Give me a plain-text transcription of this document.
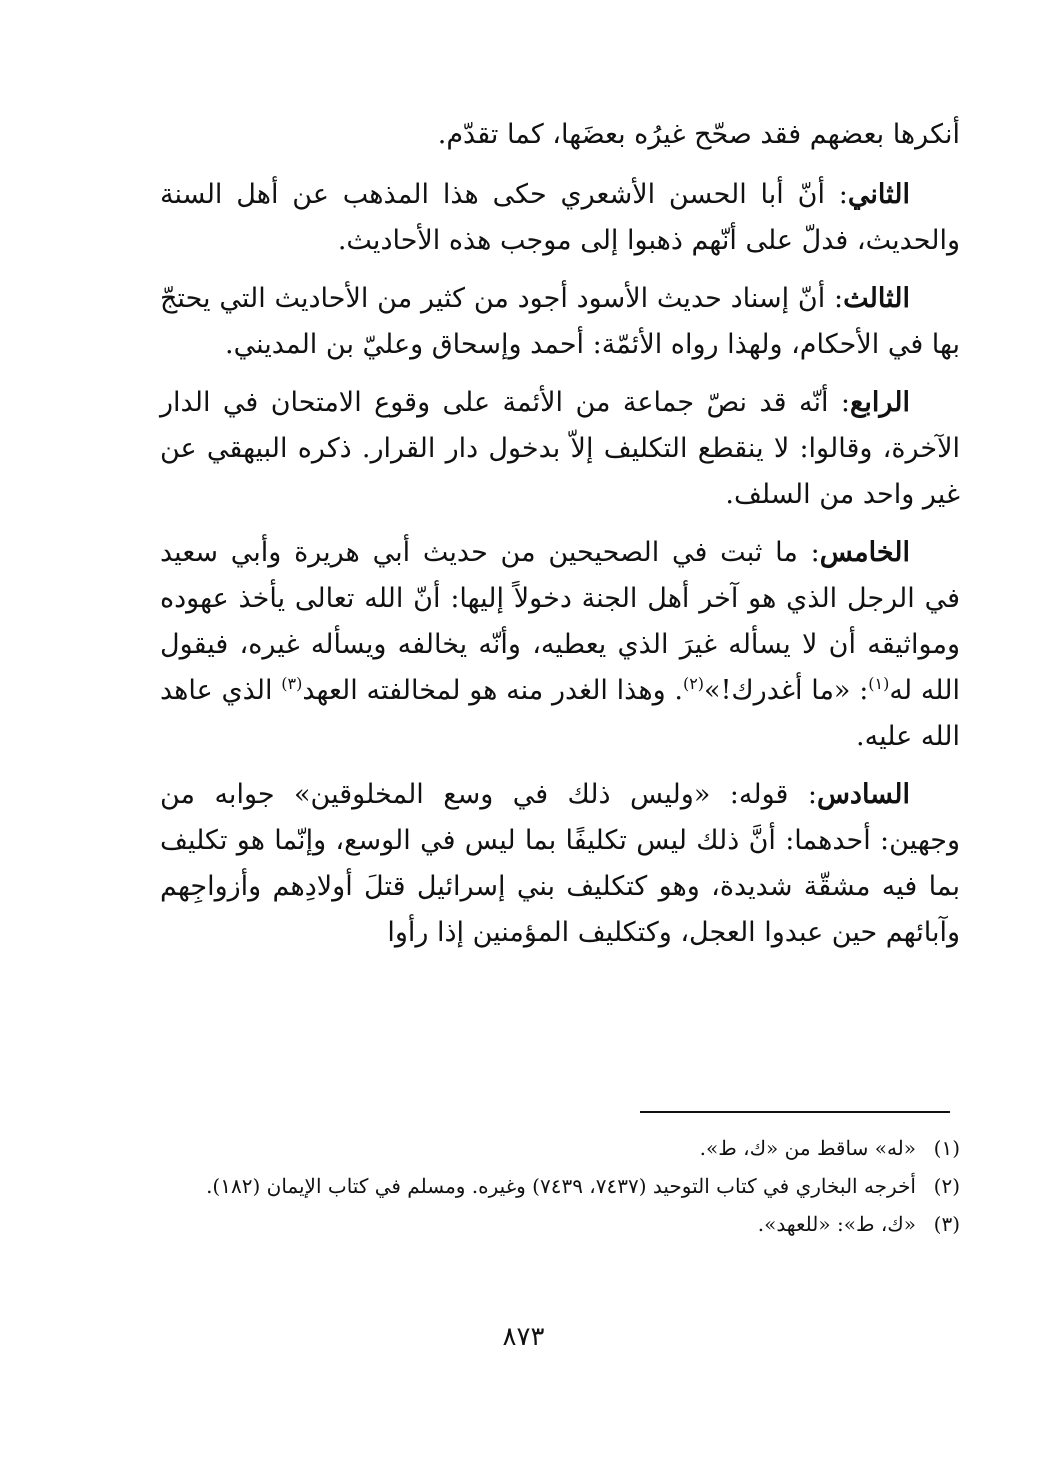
أنكرها بعضهم فقد صحّح غيرُه بعضَها، كما تقدّم.

الثاني: أنّ أبا الحسن الأشعري حكى هذا المذهب عن أهل السنة والحديث، فدلّ على أنّهم ذهبوا إلى موجب هذه الأحاديث.

الثالث: أنّ إسناد حديث الأسود أجود من كثير من الأحاديث التي يحتجّ بها في الأحكام، ولهذا رواه الأئمّة: أحمد وإسحاق وعليّ بن المديني.

الرابع: أنّه قد نصّ جماعة من الأئمة على وقوع الامتحان في الدار الآخرة، وقالوا: لا ينقطع التكليف إلاّ بدخول دار القرار. ذكره البيهقي عن غير واحد من السلف.

الخامس: ما ثبت في الصحيحين من حديث أبي هريرة وأبي سعيد في الرجل الذي هو آخر أهل الجنة دخولاً إليها: أنّ الله تعالى يأخذ عهوده ومواثيقه أن لا يسأله غيرَ الذي يعطيه، وأنّه يخالفه ويسأله غيره، فيقول الله له$^{(١)}$: «ما أغدرك!»$^{(٢)}$. وهذا الغدر منه هو لمخالفته العهد$^{(٣)}$ الذي عاهد الله عليه.

السادس: قوله: «وليس ذلك في وسع المخلوقين» جوابه من وجهين: أحدهما: أنَّ ذلك ليس تكليفًا بما ليس في الوسع، وإنّما هو تكليف بما فيه مشقّة شديدة، وهو كتكليف بني إسرائيل قتلَ أولادِهم وأزواجِهم وآبائهم حين عبدوا العجل، وكتكليف المؤمنين إذا رأوا

(١)
«له» ساقط من «ك، ط».
(٢)
أخرجه البخاري في كتاب التوحيد (٧٤٣٧، ٧٤٣٩) وغيره. ومسلم في كتاب الإيمان (١٨٢).
(٣)
«ك، ط»: «للعهد».
٨٧٣
